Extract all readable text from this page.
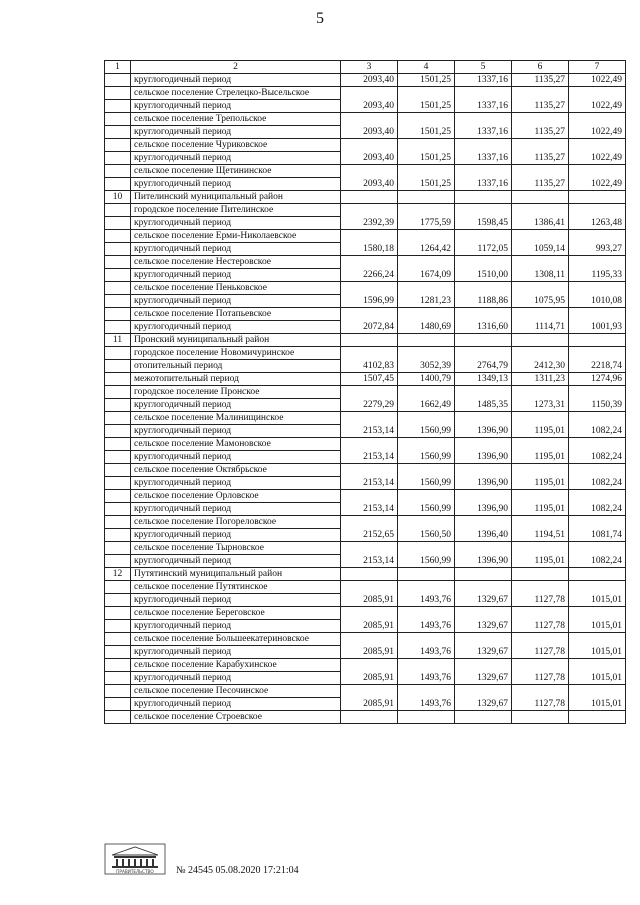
5
1	2	3	4	5	6	7
	круглогодичный период	2093,40	1501,25	1337,16	1135,27	1022,49
	сельское поселение Стрелецко-Высельское					
	круглогодичный период	2093,40	1501,25	1337,16	1135,27	1022,49
	сельское поселение Трепольское					
	круглогодичный период	2093,40	1501,25	1337,16	1135,27	1022,49
	сельское поселение Чуриковское					
	круглогодичный период	2093,40	1501,25	1337,16	1135,27	1022,49
	сельское поселение Щетининское					
	круглогодичный период	2093,40	1501,25	1337,16	1135,27	1022,49
10	Пителинский муниципальный район					
	городское поселение Пителинское					
	круглогодичный период	2392,39	1775,59	1598,45	1386,41	1263,48
	сельское поселение Ерми-Николаевское					
	круглогодичный период	1580,18	1264,42	1172,05	1059,14	993,27
	сельское поселение Нестеровское					
	круглогодичный период	2266,24	1674,09	1510,00	1308,11	1195,33
	сельское поселение Пеньковское					
	круглогодичный период	1596,99	1281,23	1188,86	1075,95	1010,08
	сельское поселение Потапьевское					
	круглогодичный период	2072,84	1480,69	1316,60	1114,71	1001,93
11	Пронский муниципальный район					
	городское поселение Новомичуринское					
	отопительный период	4102,83	3052,39	2764,79	2412,30	2218,74
	межотопительный период	1507,45	1400,79	1349,13	1311,23	1274,96
	городское поселение Пронское					
	круглогодичный период	2279,29	1662,49	1485,35	1273,31	1150,39
	сельское поселение Малинищинское					
	круглогодичный период	2153,14	1560,99	1396,90	1195,01	1082,24
	сельское поселение Мамоновское					
	круглогодичный период	2153,14	1560,99	1396,90	1195,01	1082,24
	сельское поселение Октябрьское					
	круглогодичный период	2153,14	1560,99	1396,90	1195,01	1082,24
	сельское поселение Орловское					
	круглогодичный период	2153,14	1560,99	1396,90	1195,01	1082,24
	сельское поселение Погореловское					
	круглогодичный период	2152,65	1560,50	1396,40	1194,51	1081,74
	сельское поселение Тырновское					
	круглогодичный период	2153,14	1560,99	1396,90	1195,01	1082,24
12	Путятинский муниципальный район					
	сельское поселение Путятинское					
	круглогодичный период	2085,91	1493,76	1329,67	1127,78	1015,01
	сельское поселение Береговское					
	круглогодичный период	2085,91	1493,76	1329,67	1127,78	1015,01
	сельское поселение Большеекатериновское					
	круглогодичный период	2085,91	1493,76	1329,67	1127,78	1015,01
	сельское поселение Карабухинское					
	круглогодичный период	2085,91	1493,76	1329,67	1127,78	1015,01
	сельское поселение Песочинское					
	круглогодичный период	2085,91	1493,76	1329,67	1127,78	1015,01
	сельское поселение Строевское					
ПРАВИТЕЛЬСТВО № 24545 05.08.2020 17:21:04
